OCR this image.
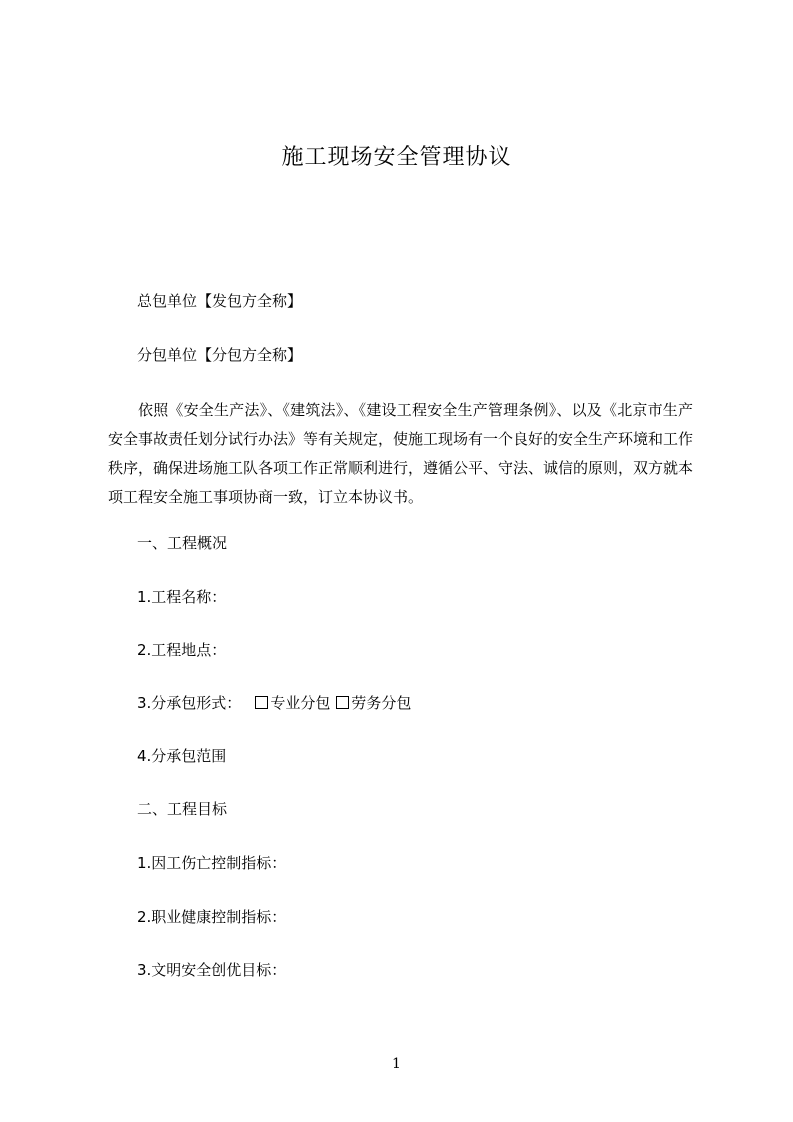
施工现场安全管理协议
总包单位【发包方全称】
分包单位【分包方全称】
依照《安全生产法》、《建筑法》、《建设工程安全生产管理条例》、以及《北京市生产安全事故责任划分试行办法》等有关规定，使施工现场有一个良好的安全生产环境和工作秩序，确保进场施工队各项工作正常顺利进行，遵循公平、守法、诚信的原则，双方就本项工程安全施工事项协商一致，订立本协议书。
一、工程概况
1.工程名称：
2.工程地点：
3.分承包形式： 专业分包 劳务分包
4.分承包范围
二、工程目标
1.因工伤亡控制指标：
2.职业健康控制指标：
3.文明安全创优目标：
1
